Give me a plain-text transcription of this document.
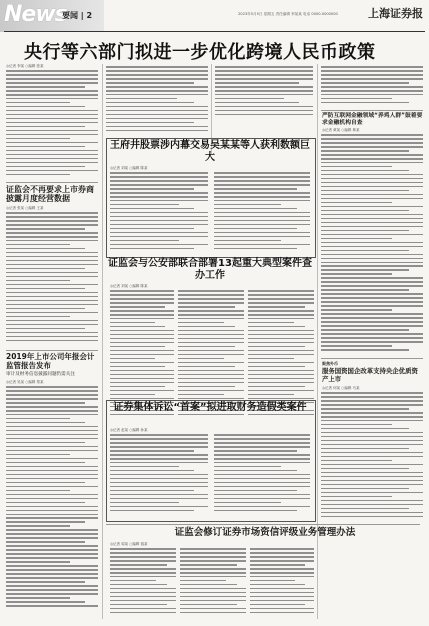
News
要闻 | 2	2023年5月5日 星期五 责任编辑 李某某 电话 0000-0000000	上海证券报
央行等六部门拟进一步优化跨境人民币政策
◎记者 李某 ○编辑 张某
证监会不再要求上市券商披露月度经营数据
◎记者 张某 ○编辑 王某
2019年上市公司年报会计监管报告发布
审计及财务信息披露问题仍需关注
◎记者 吴某 ○编辑 郑某
王府井股票涉内幕交易吴某某等人获利数额巨大
◎记者 刘某 ○编辑 陈某
证监会与公安部联合部署13起重大典型案件查办工作
◎记者 刘某 ○编辑 陈某
证券集体诉讼“首案”拟进取财务造假类案件
◎记者 赵某 ○编辑 孙某
证监会修订证券市场资信评级业务管理办法
◎记者 周某 ○编辑 钱某
严防互联网金融领域“养鸡人群”鼓着要求金融机构自查
◎记者 黄某 ○编辑 林某
聚焦外币
服务国资国企改革支持央企优质资产上市
◎记者 何某 ○编辑 马某
